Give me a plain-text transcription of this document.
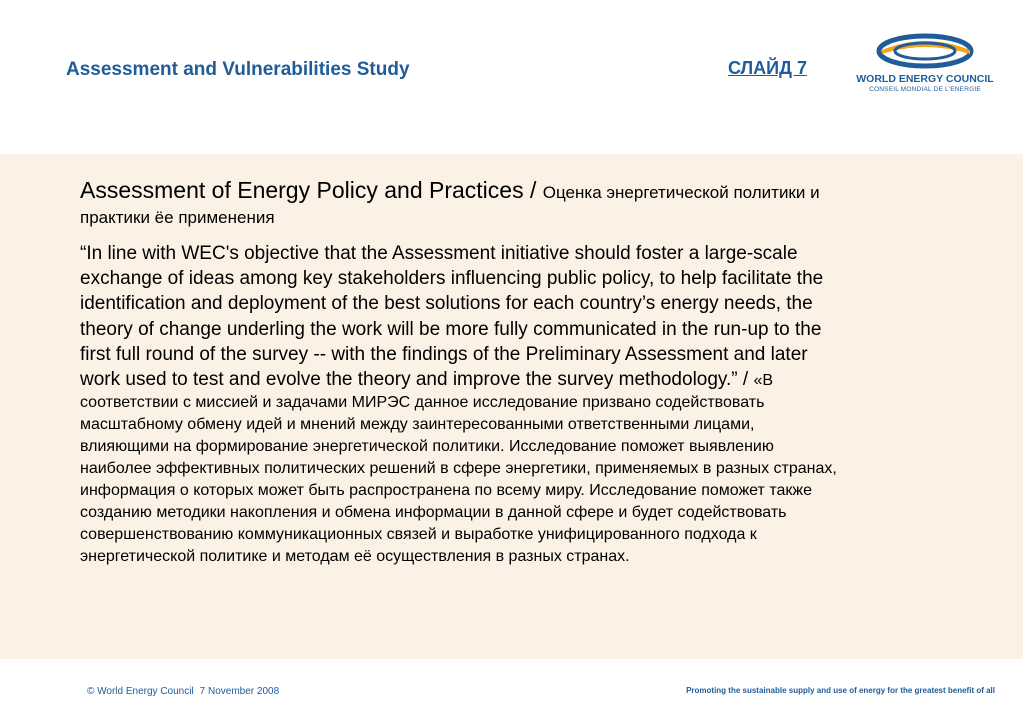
Assessment and Vulnerabilities Study	СЛАЙД 7
WORLD ENERGY COUNCIL
CONSEIL MONDIAL DE L'ENERGIE

Assessment of Energy Policy and Practices / Оценка энергетической политики и практики ёе применения

“In line with WEC's objective that the Assessment initiative should foster a large-scale exchange of ideas among key stakeholders influencing public policy, to help facilitate the identification and deployment of the best solutions for each country’s energy needs, the theory of change underling the work will be more fully communicated in the run-up to the first full round of the survey -- with the findings of the Preliminary Assessment and later work used to test and evolve the theory and improve the survey methodology.” / «В соответствии с миссией и задачами МИРЭС данное исследование призвано содействовать масштабному обмену идей и мнений между заинтересованными ответственными лицами, влияющими на формирование энергетической политики. Исследование поможет выявлению наиболее эффективных политических решений в сфере энергетики, применяемых в разных странах, информация о которых может быть распространена по всему миру. Исследование поможет также созданию методики накопления и обмена информации в данной сфере и будет содействовать совершенствованию коммуникационных связей и выработке унифицированного подхода к энергетической политике и методам её осуществления в разных странах.

© World Energy Council 7 November 2008	Promoting the sustainable supply and use of energy for the greatest benefit of all
